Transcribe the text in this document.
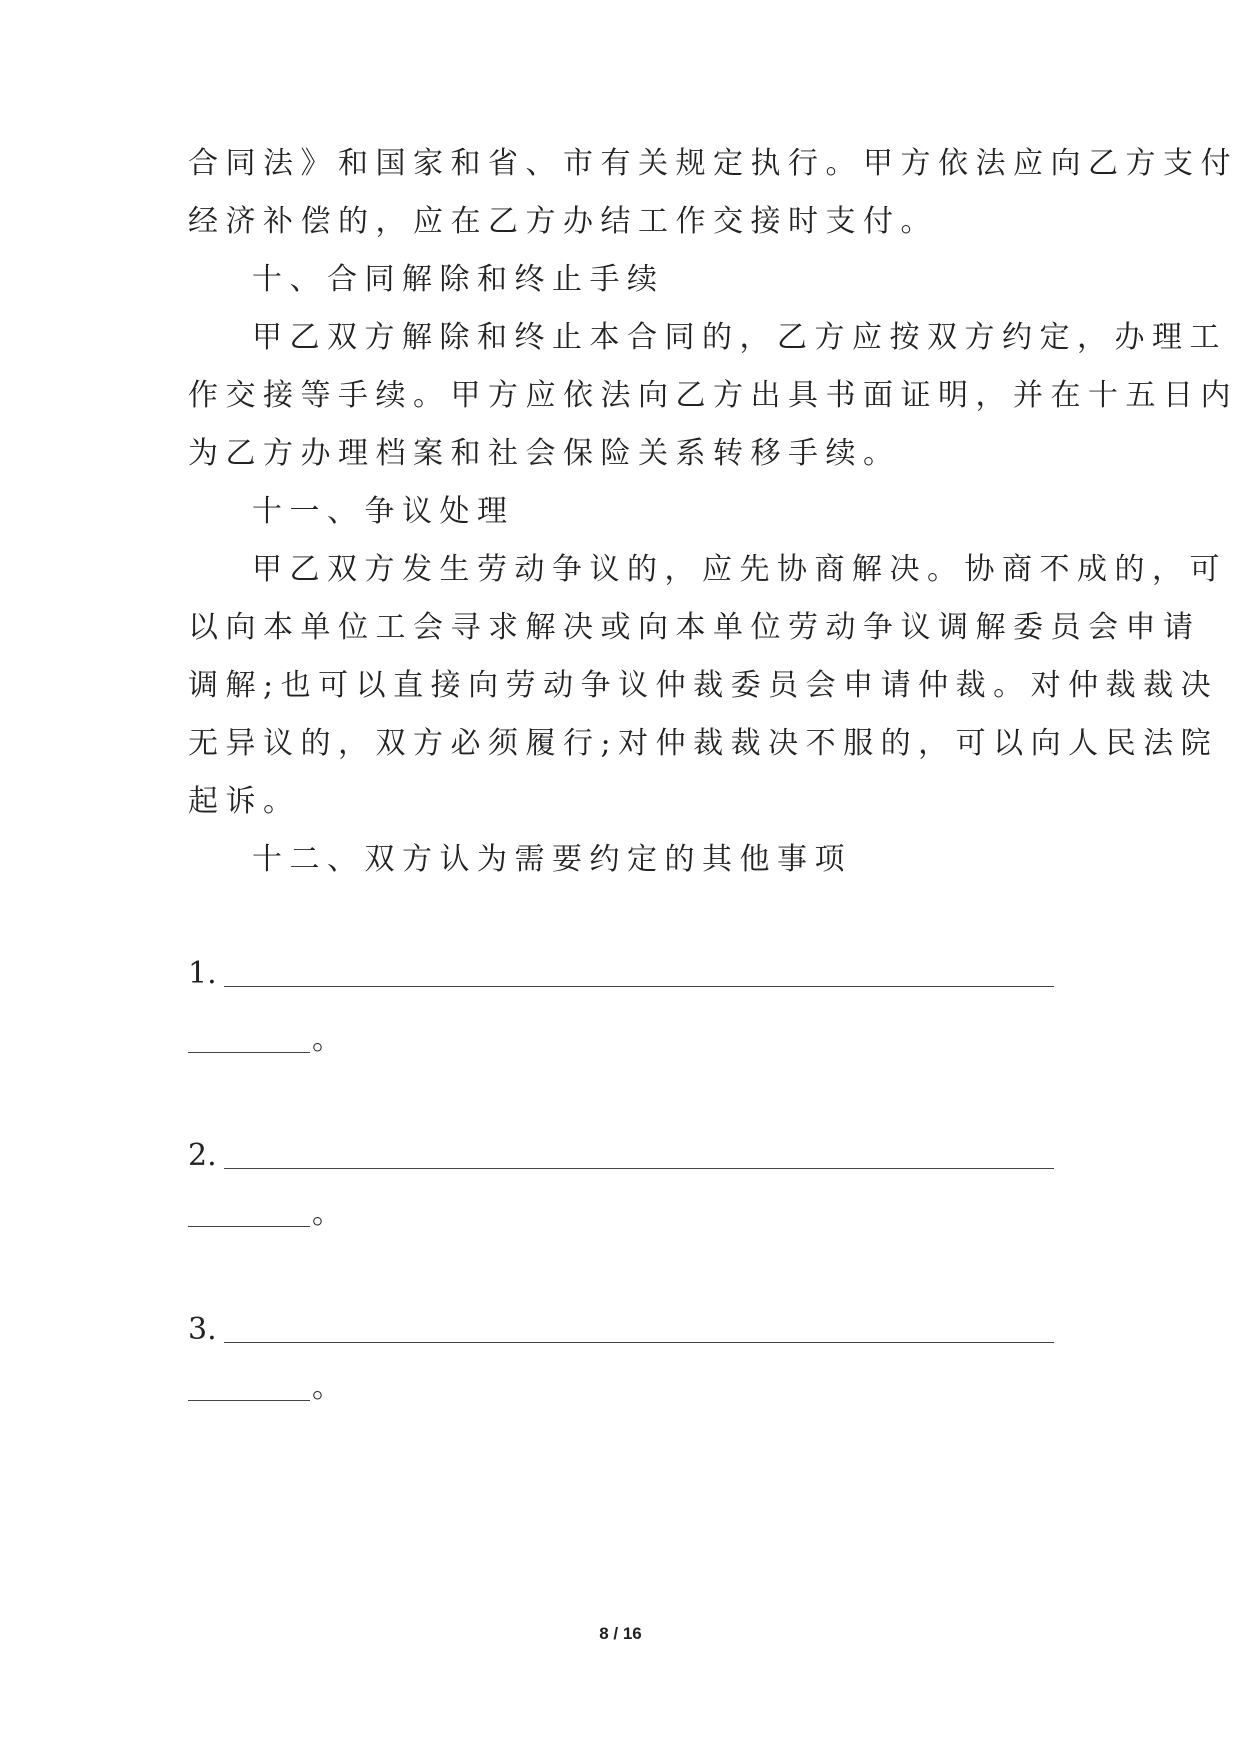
合同法》和国家和省、市有关规定执行。甲方依法应向乙方支付
经济补偿的，应在乙方办结工作交接时支付。
十、合同解除和终止手续
甲乙双方解除和终止本合同的，乙方应按双方约定，办理工
作交接等手续。甲方应依法向乙方出具书面证明，并在十五日内
为乙方办理档案和社会保险关系转移手续。
十一、争议处理
甲乙双方发生劳动争议的，应先协商解决。协商不成的，可
以向本单位工会寻求解决或向本单位劳动争议调解委员会申请
调解;也可以直接向劳动争议仲裁委员会申请仲裁。对仲裁裁决
无异议的，双方必须履行;对仲裁裁决不服的，可以向人民法院
起诉。
十二、双方认为需要约定的其他事项
1.
。
2.
。
3.
。
8 / 16
